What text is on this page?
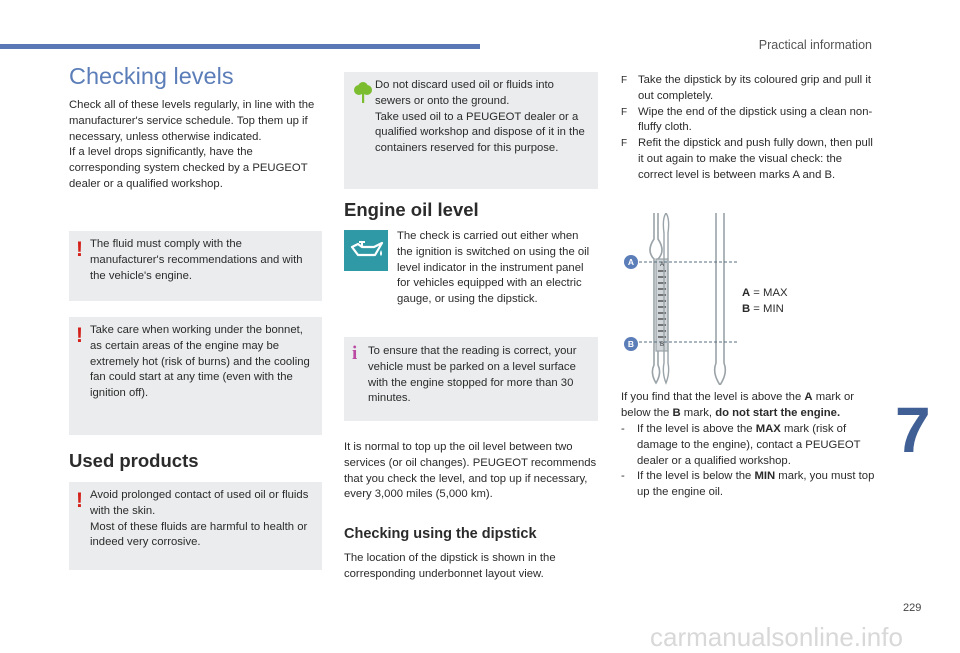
Practical information
Checking levels

Check all of these levels regularly, in line with the manufacturer's service schedule. Top them up if necessary, unless otherwise indicated.

If a level drops significantly, have the corresponding system checked by a PEUGEOT dealer or a qualified workshop.

! The fluid must comply with the manufacturer's recommendations and with the vehicle's engine.

! Take care when working under the bonnet, as certain areas of the engine may be extremely hot (risk of burns) and the cooling fan could start at any time (even with the ignition off).

Used products
! Avoid prolonged contact of used oil or fluids with the skin.

Most of these fluids are harmful to health or indeed very corrosive.

Do not discard used oil or fluids into sewers or onto the ground.

Take used oil to a PEUGEOT dealer or a qualified workshop and dispose of it in the containers reserved for this purpose.

Engine oil level

The check is carried out either when the ignition is switched on using the oil level indicator in the instrument panel for vehicles equipped with an electric gauge, or using the dipstick.

i To ensure that the reading is correct, your vehicle must be parked on a level surface with the engine stopped for more than 30 minutes.

It is normal to top up the oil level between two services (or oil changes). PEUGEOT recommends that you check the level, and top up if necessary, every 3,000 miles (5,000 km).

Checking using the dipstick

The location of the dipstick is shown in the corresponding underbonnet layout view.

F Take the dipstick by its coloured grip and pull it out completely.
F Wipe the end of the dipstick using a clean non-fluffy cloth.
F Refit the dipstick and push fully down, then pull it out again to make the visual check: the correct level is between marks A and B.
A
B
A
B

A = MAX

B = MIN

If you find that the level is above the A mark or below the B mark, do not start the engine.

- If the level is above the MAX mark (risk of damage to the engine), contact a PEUGEOT dealer or a qualified workshop.
- If the level is below the MIN mark, you must top up the engine oil.
7
229
carmanualsonline.info
